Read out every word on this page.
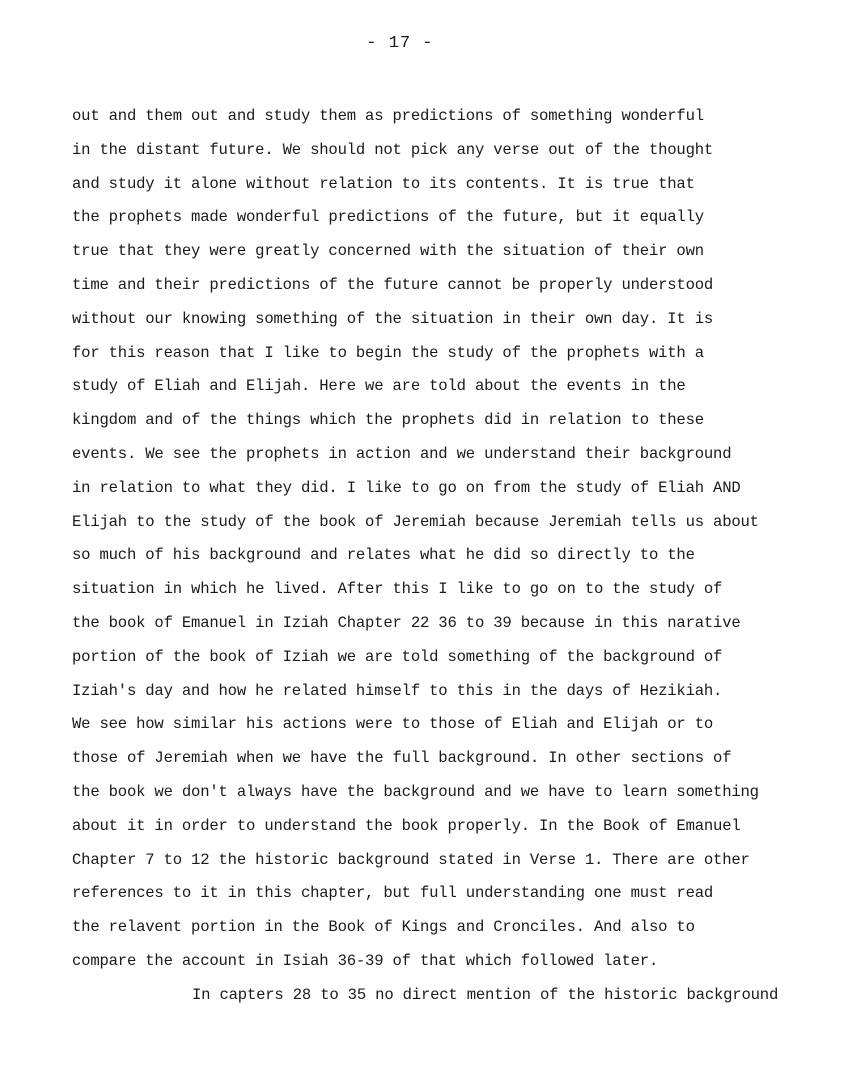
- 17 -
out and them out and study them as predictions of something wonderful
in the distant future. We should not pick any verse out of the thought
and study it alone without relation to its contents. It is true that
the prophets made wonderful predictions of the future, but it equally
true that they were greatly concerned with the situation of their own
time and their predictions of the future cannot be properly understood
without our knowing something of the situation in their own day. It is
for this reason that I like to begin the study of the prophets with a
study of Eliah and Elijah. Here we are told about the events in the
kingdom and of the things which the prophets did in relation to these
events. We see the prophets in action and we understand their background
in relation to what they did. I like to go on from the study of Eliah AND
Elijah to the study of the book of Jeremiah because Jeremiah tells us about
so much of his background and relates what he did so directly to the
situation in which he lived. After this I like to go on to the study of
the book of Emanuel in Iziah Chapter 22 36 to 39 because in this narative
portion of the book of Iziah we are told something of the background of
Iziah's day and how he related himself to this in the days of Hezikiah.
We see how similar his actions were to those of Eliah and Elijah or to
those of Jeremiah when we have the full background. In other sections of
the book we don't always have the background and we have to learn something
about it in order to understand the book properly. In the Book of Emanuel
Chapter 7 to 12 the historic background stated in Verse 1. There are other
references to it in this chapter, but full understanding one must read
the relavent portion in the Book of Kings and Cronciles. And also to
compare the account in Isiah 36-39 of that which followed later.
In capters 28 to 35 no direct mention of the historic background
